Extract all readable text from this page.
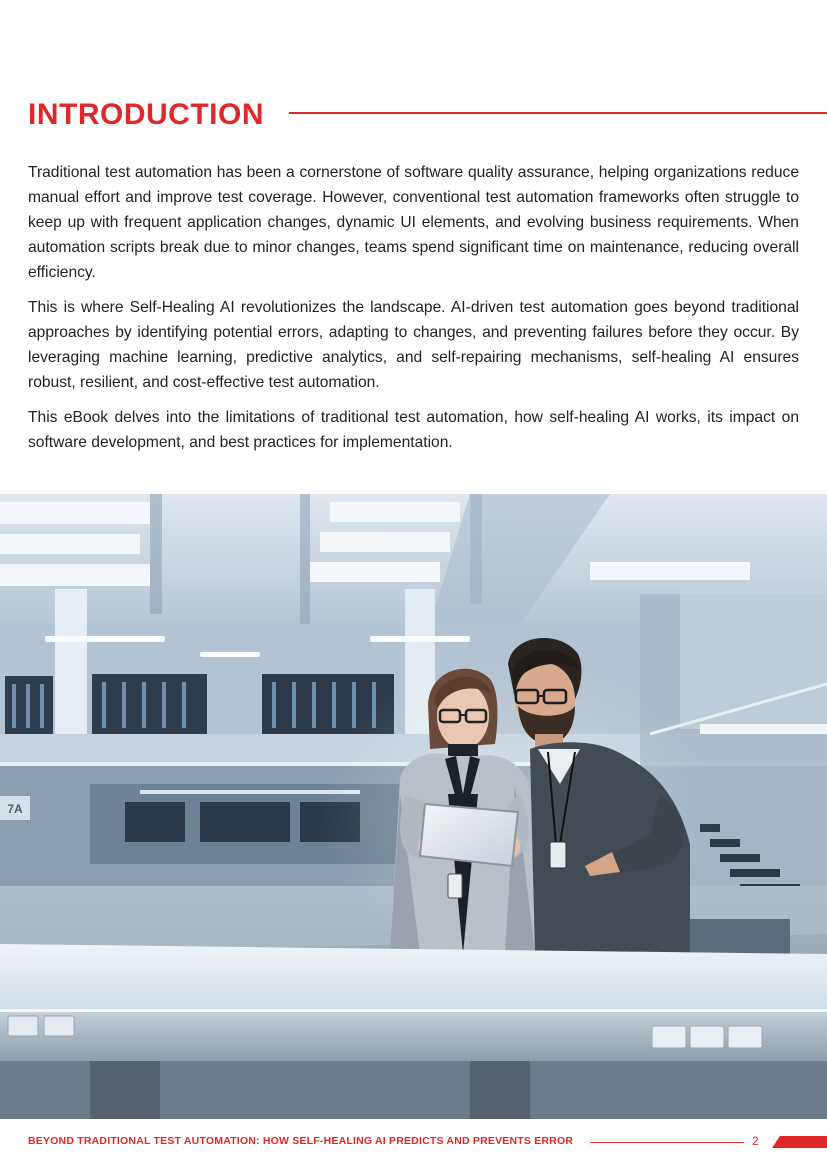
INTRODUCTION

Traditional test automation has been a cornerstone of software quality assurance, helping organizations reduce manual effort and improve test coverage. However, conventional test automation frameworks often struggle to keep up with frequent application changes, dynamic UI elements, and evolving business requirements. When automation scripts break due to minor changes, teams spend significant time on maintenance, reducing overall efficiency.

This is where Self-Healing AI revolutionizes the landscape. AI-driven test automation goes beyond traditional approaches by identifying potential errors, adapting to changes, and preventing failures before they occur. By leveraging machine learning, predictive analytics, and self-repairing mechanisms, self-healing AI ensures robust, resilient, and cost-effective test automation.

This eBook delves into the limitations of traditional test automation, how self-healing AI works, its impact on software development, and best practices for implementation.

7A
BEYOND TRADITIONAL TEST AUTOMATION: HOW SELF-HEALING AI PREDICTS AND PREVENTS ERROR	2
